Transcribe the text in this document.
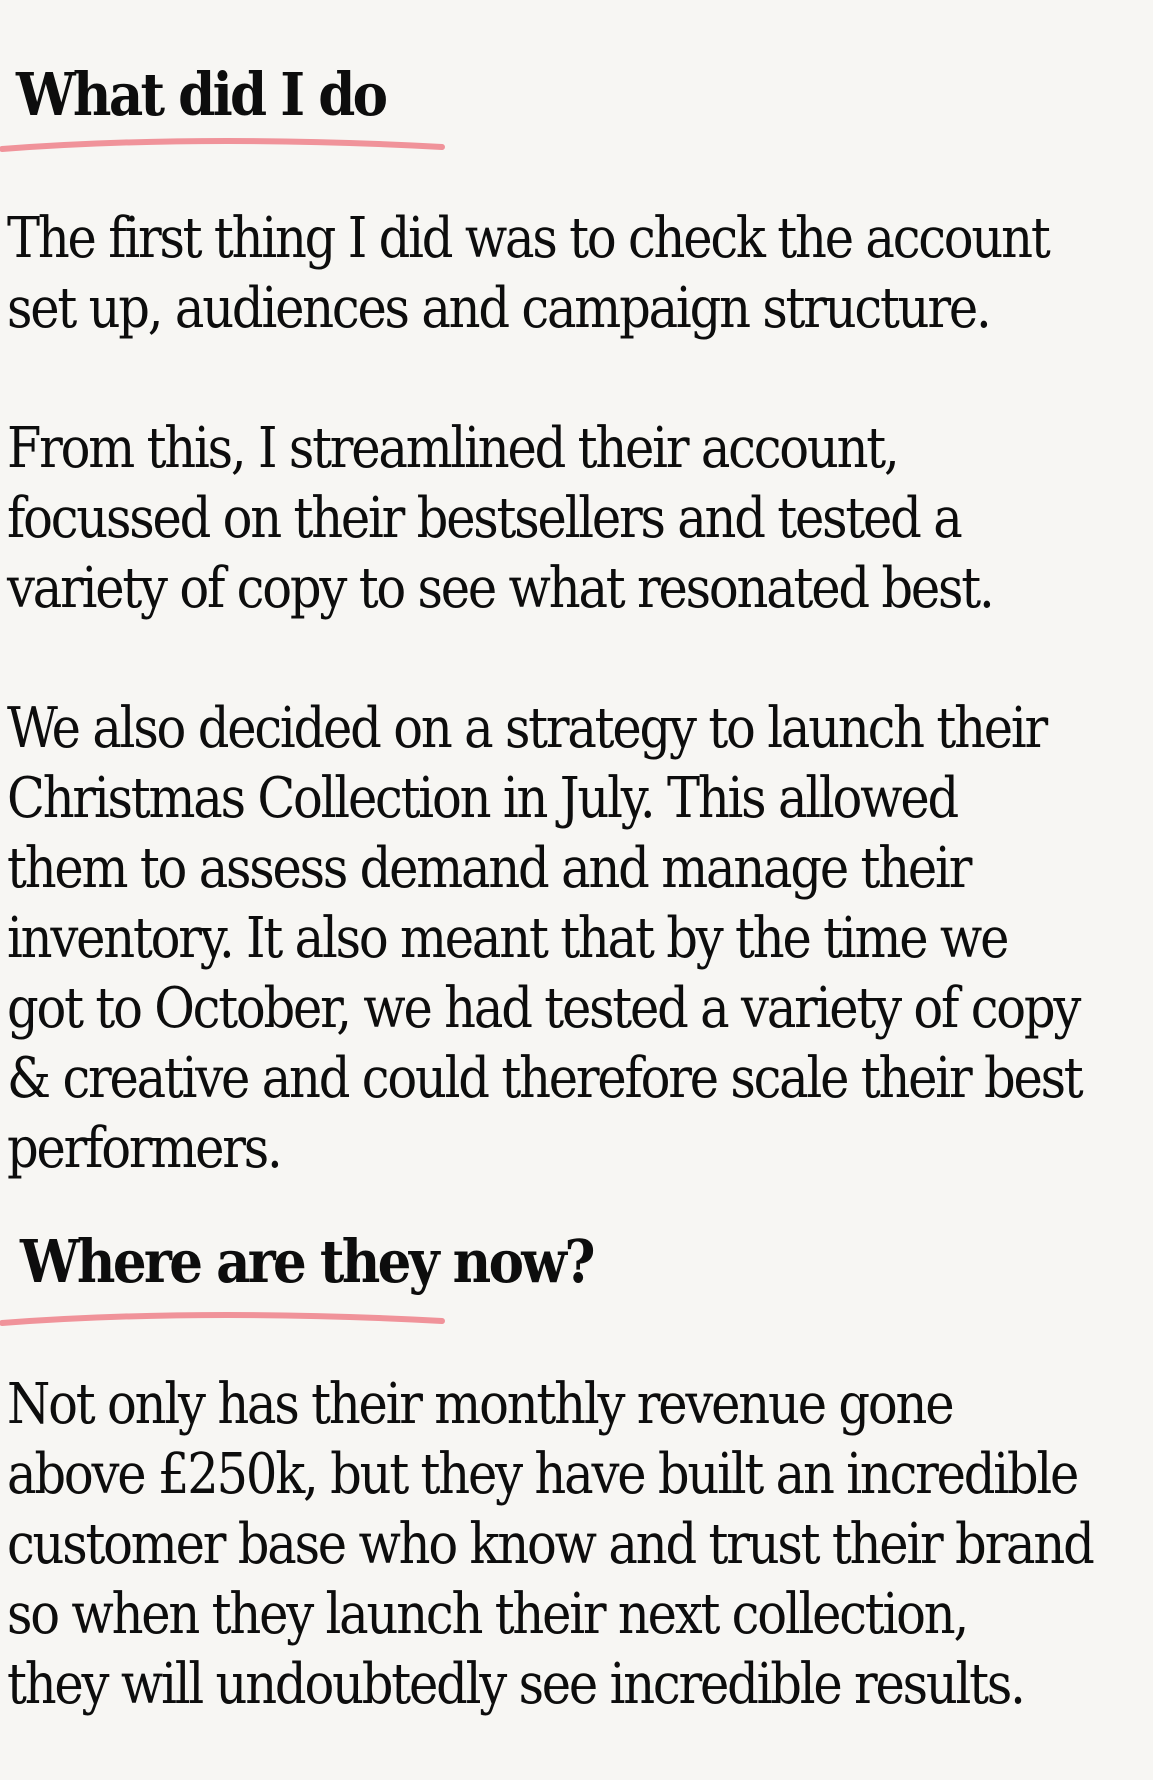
What did I do

The first thing I did was to check the account
set up, audiences and campaign structure.

From this, I streamlined their account,
focussed on their bestsellers and tested a
variety of copy to see what resonated best.

We also decided on a strategy to launch their
Christmas Collection in July. This allowed
them to assess demand and manage their
inventory. It also meant that by the time we
got to October, we had tested a variety of copy
& creative and could therefore scale their best
performers.

Where are they now?

Not only has their monthly revenue gone
above £250k, but they have built an incredible
customer base who know and trust their brand
so when they launch their next collection,
they will undoubtedly see incredible results.
